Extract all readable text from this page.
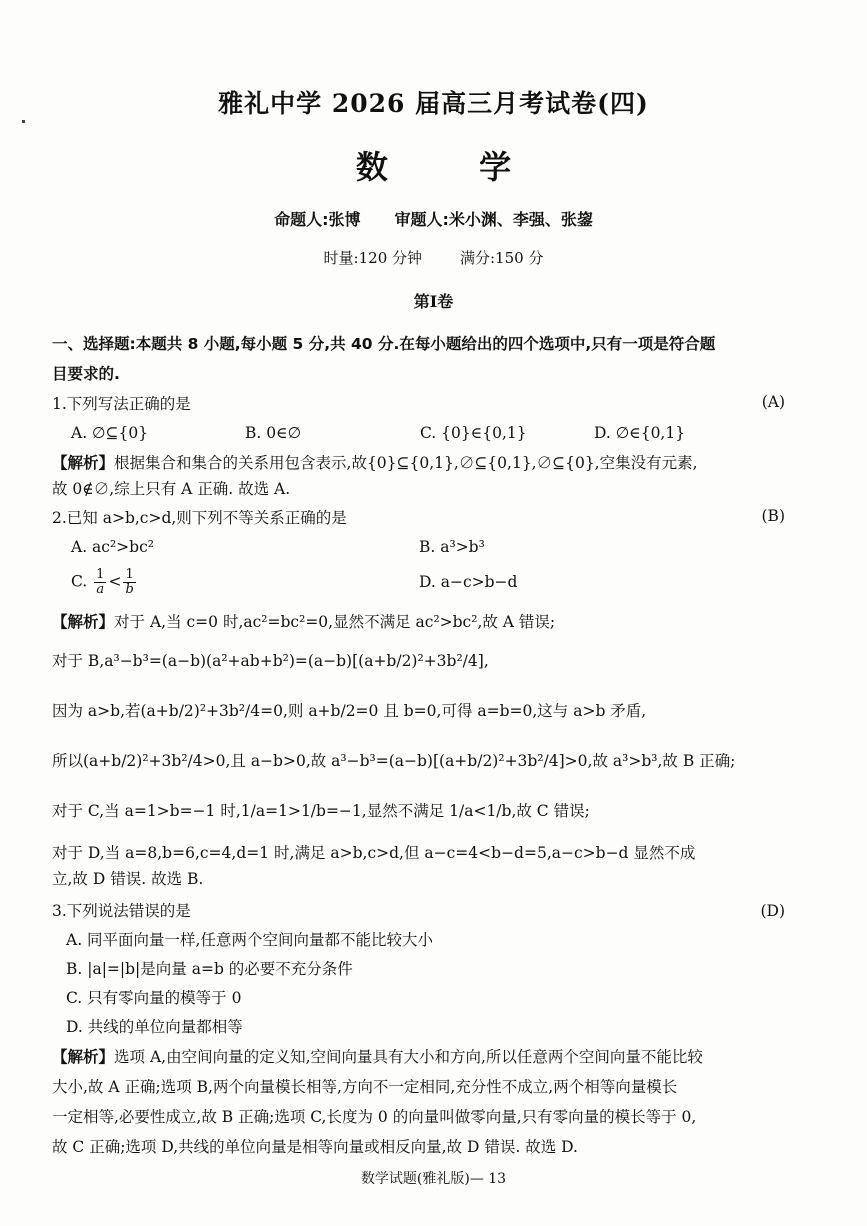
雅礼中学 2026 届高三月考试卷(四)
数 学
命题人:张博 审题人:米小渊、李强、张鋆
时量:120 分钟	满分:150 分
第Ⅰ卷
一、选择题:本题共 8 小题,每小题 5 分,共 40 分.在每小题给出的四个选项中,只有一项是符合题
目要求的.
1.下列写法正确的是	(A)
A. ∅⊆{0}	B. 0∈∅	C. {0}∈{0,1}	D. ∅∈{0,1}
【解析】根据集合和集合的关系用包含表示,故{0}⊆{0,1},∅⊆{0,1},∅⊆{0},空集没有元素,
故 0∉∅,综上只有 A 正确. 故选 A.
2.已知 a>b,c>d,则下列不等关系正确的是	(B)
A. ac²>bc²	B. a³>b³
C. $\frac{1}{a} < \frac{1}{b}$	D. a−c>b−d
【解析】对于 A,当 c=0 时,ac²=bc²=0,显然不满足 ac²>bc²,故 A 错误;
对于 B,a³−b³=(a−b)(a²+ab+b²)=(a−b)[(a+b/2)²+3b²/4],
因为 a>b,若(a+b/2)²+3b²/4=0,则 a+b/2=0 且 b=0,可得 a=b=0,这与 a>b 矛盾,
所以(a+b/2)²+3b²/4>0,且 a−b>0,故 a³−b³=(a−b)[(a+b/2)²+3b²/4]>0,故 a³>b³,故 B 正确;
对于 C,当 a=1>b=−1 时,1/a=1>1/b=−1,显然不满足 1/a<1/b,故 C 错误;
对于 D,当 a=8,b=6,c=4,d=1 时,满足 a>b,c>d,但 a−c=4<b−d=5,a−c>b−d 显然不成
立,故 D 错误. 故选 B.
3.下列说法错误的是	(D)
A. 同平面向量一样,任意两个空间向量都不能比较大小
B. |a|=|b|是向量 a=b 的必要不充分条件
C. 只有零向量的模等于 0
D. 共线的单位向量都相等
【解析】选项 A,由空间向量的定义知,空间向量具有大小和方向,所以任意两个空间向量不能比较
大小,故 A 正确;选项 B,两个向量模长相等,方向不一定相同,充分性不成立,两个相等向量模长
一定相等,必要性成立,故 B 正确;选项 C,长度为 0 的向量叫做零向量,只有零向量的模长等于 0,
故 C 正确;选项 D,共线的单位向量是相等向量或相反向量,故 D 错误. 故选 D.
数学试题(雅礼版)— 13
